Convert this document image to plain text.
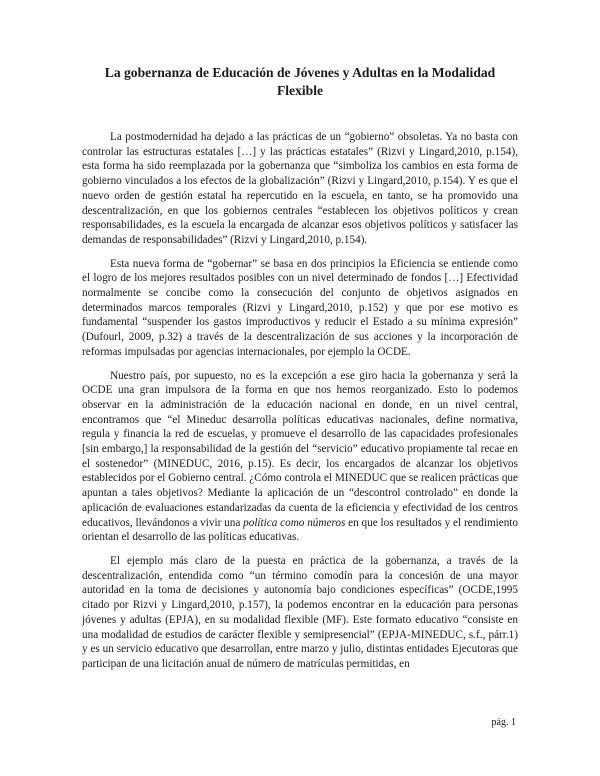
La gobernanza de Educación de Jóvenes y Adultas en la Modalidad Flexible

La postmodernidad ha dejado a las prácticas de un “gobierno” obsoletas. Ya no basta con controlar las estructuras estatales […] y las prácticas estatales” (Rizvi y Lingard,2010, p.154), esta forma ha sido reemplazada por la gobernanza que “simboliza los cambios en esta forma de gobierno vinculados a los efectos de la globalización” (Rizvi y Lingard,2010, p.154). Y es que el nuevo orden de gestión estatal ha repercutido en la escuela, en tanto, se ha promovido una descentralización, en que los gobiernos centrales “establecen los objetivos políticos y crean responsabilidades, es la escuela la encargada de alcanzar esos objetivos políticos y satisfacer las demandas de responsabilidades” (Rizvi y Lingard,2010, p.154).

Esta nueva forma de “gobernar” se basa en dos principios la Eficiencia se entiende como el logro de los mejores resultados posibles con un nivel determinado de fondos […] Efectividad normalmente se concibe como la consecución del conjunto de objetivos asignados en determinados marcos temporales (Rizvi y Lingard,2010, p.152) y que por ese motivo es fundamental “suspender los gastos improductivos y reducir el Estado a su mínima expresión” (Dufourl, 2009, p.32) a través de la descentralización de sus acciones y la incorporación de reformas impulsadas por agencias internacionales, por ejemplo la OCDE.

Nuestro país, por supuesto, no es la excepción a ese giro hacia la gobernanza y será la OCDE una gran impulsora de la forma en que nos hemos reorganizado. Esto lo podemos observar en la administración de la educación nacional en donde, en un nivel central, encontramos que “el Mineduc desarrolla políticas educativas nacionales, define normativa, regula y financia la red de escuelas, y promueve el desarrollo de las capacidades profesionales [sin embargo,] la responsabilidad de la gestión del “servicio” educativo propiamente tal recae en el sostenedor” (MINEDUC, 2016, p.15). Es decir, los encargados de alcanzar los objetivos establecidos por el Gobierno central. ¿Cómo controla el MINEDUC que se realicen prácticas que apuntan a tales objetivos? Mediante la aplicación de un “descontrol controlado” en donde la aplicación de evaluaciones estandarizadas da cuenta de la eficiencia y efectividad de los centros educativos, llevándonos a vivir una política como números en que los resultados y el rendimiento orientan el desarrollo de las políticas educativas.

El ejemplo más claro de la puesta en práctica de la gobernanza, a través de la descentralización, entendida como “un término comodín para la concesión de una mayor autoridad en la toma de decisiones y autonomía bajo condiciones específicas” (OCDE,1995 citado por Rizvi y Lingard,2010, p.157), la podemos encontrar en la educación para personas jóvenes y adultas (EPJA), en su modalidad flexible (MF). Este formato educativo “consiste en una modalidad de estudios de carácter flexible y semipresencial” (EPJA-MINEDUC, s.f., párr.1) y es un servicio educativo que desarrollan, entre marzo y julio, distintas entidades Ejecutoras que participan de una licitación anual de número de matrículas permitidas, en

pág. 1
